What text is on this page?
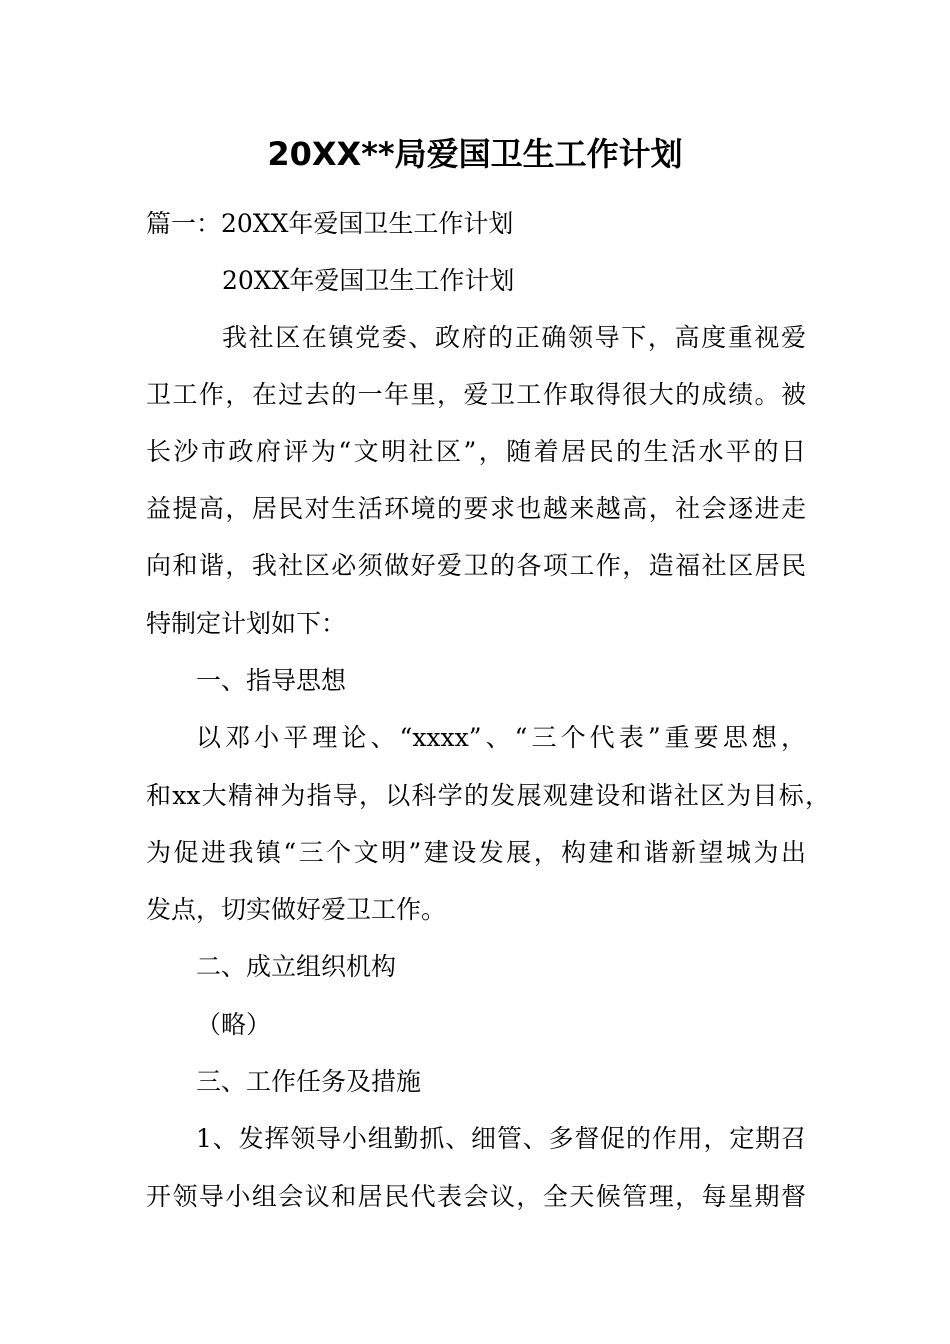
20XX**局爱国卫生工作计划
篇一：20XX年爱国卫生工作计划
20XX年爱国卫生工作计划
我社区在镇党委、政府的正确领导下，高度重视爱
卫工作，在过去的一年里，爱卫工作取得很大的成绩。被
长沙市政府评为“文明社区”，随着居民的生活水平的日
益提高，居民对生活环境的要求也越来越高，社会逐进走
向和谐，我社区必须做好爱卫的各项工作，造福社区居民
特制定计划如下：
一、指导思想
以邓小平理论、“xxxx”、“三个代表”重要思想，
和xx大精神为指导，以科学的发展观建设和谐社区为目标，
为促进我镇“三个文明”建设发展，构建和谐新望城为出
发点，切实做好爱卫工作。
二、成立组织机构
（略）
三、工作任务及措施
1、发挥领导小组勤抓、细管、多督促的作用，定期召
开领导小组会议和居民代表会议，全天候管理，每星期督
